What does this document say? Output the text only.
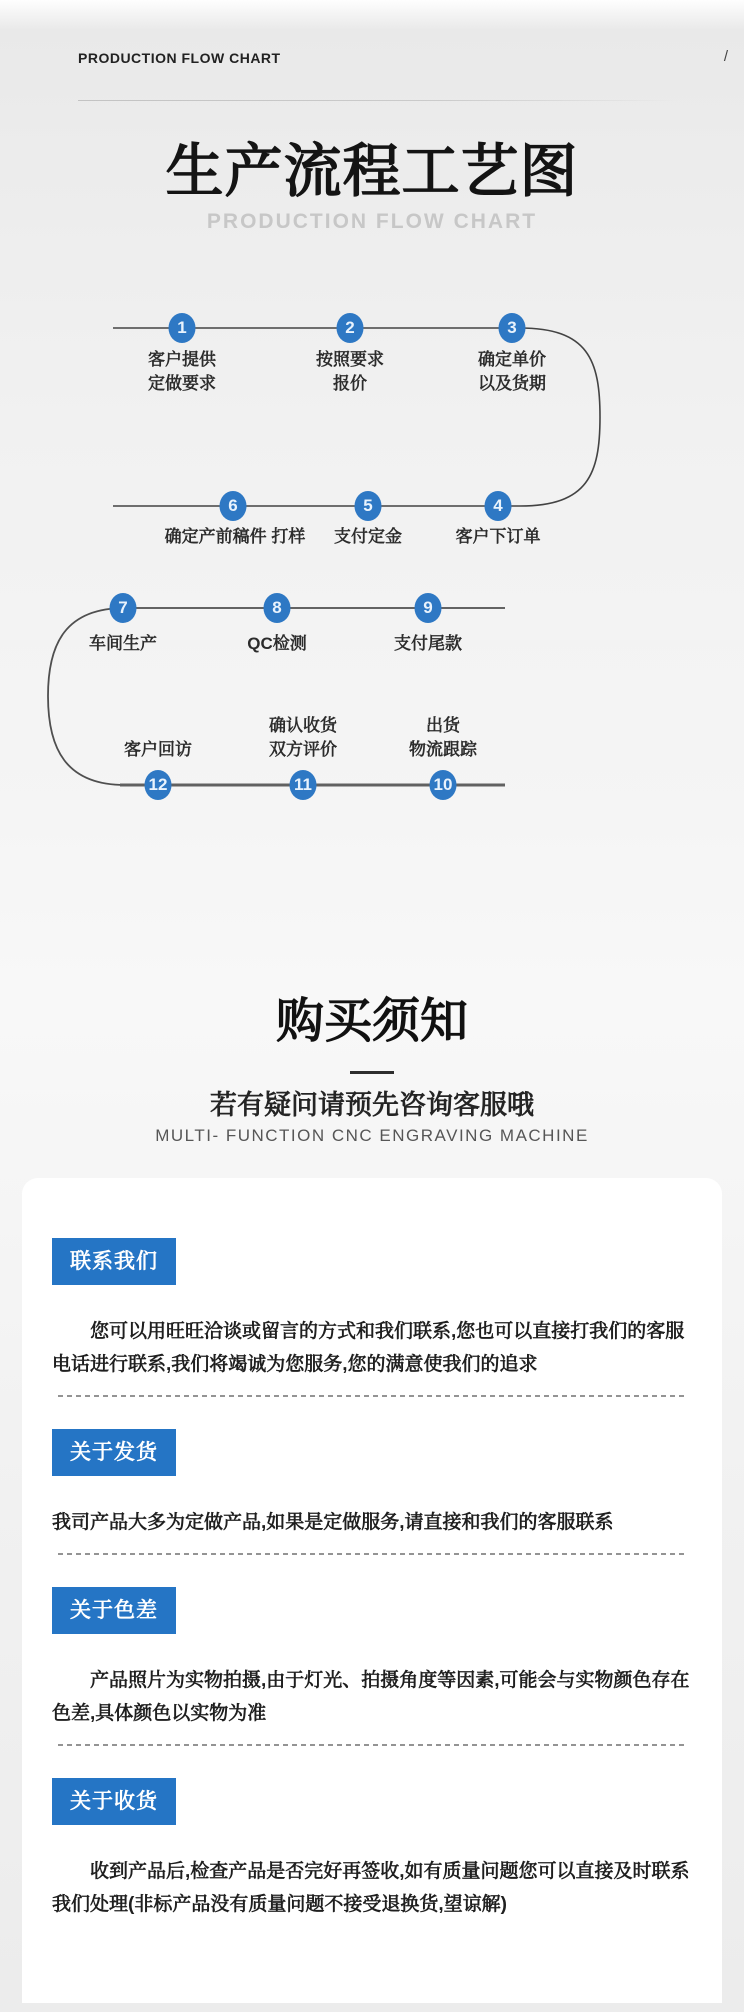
PRODUCTION FLOW CHART	/
生产流程工艺图
PRODUCTION FLOW CHART
1	2	3
客户提供
定做要求
按照要求
报价
确定单价
以及货期
6	5	4
确定产前稿件 打样 支付定金	客户下订单
7	8	9
车间生产	QC检测	支付尾款
客户回访
确认收货
双方评价
出货
物流跟踪
12	11	10
购买须知
若有疑问请预先咨询客服哦
MULTI- FUNCTION CNC ENGRAVING MACHINE
联系我们

您可以用旺旺洽谈或留言的方式和我们联系,您也可以直接打我们的客服电话进行联系,我们将竭诚为您服务,您的满意使我们的追求

关于发货

我司产品大多为定做产品,如果是定做服务,请直接和我们的客服联系

关于色差

产品照片为实物拍摄,由于灯光、拍摄角度等因素,可能会与实物颜色存在色差,具体颜色以实物为准

关于收货

收到产品后,检查产品是否完好再签收,如有质量问题您可以直接及时联系我们处理(非标产品没有质量问题不接受退换货,望谅解)
